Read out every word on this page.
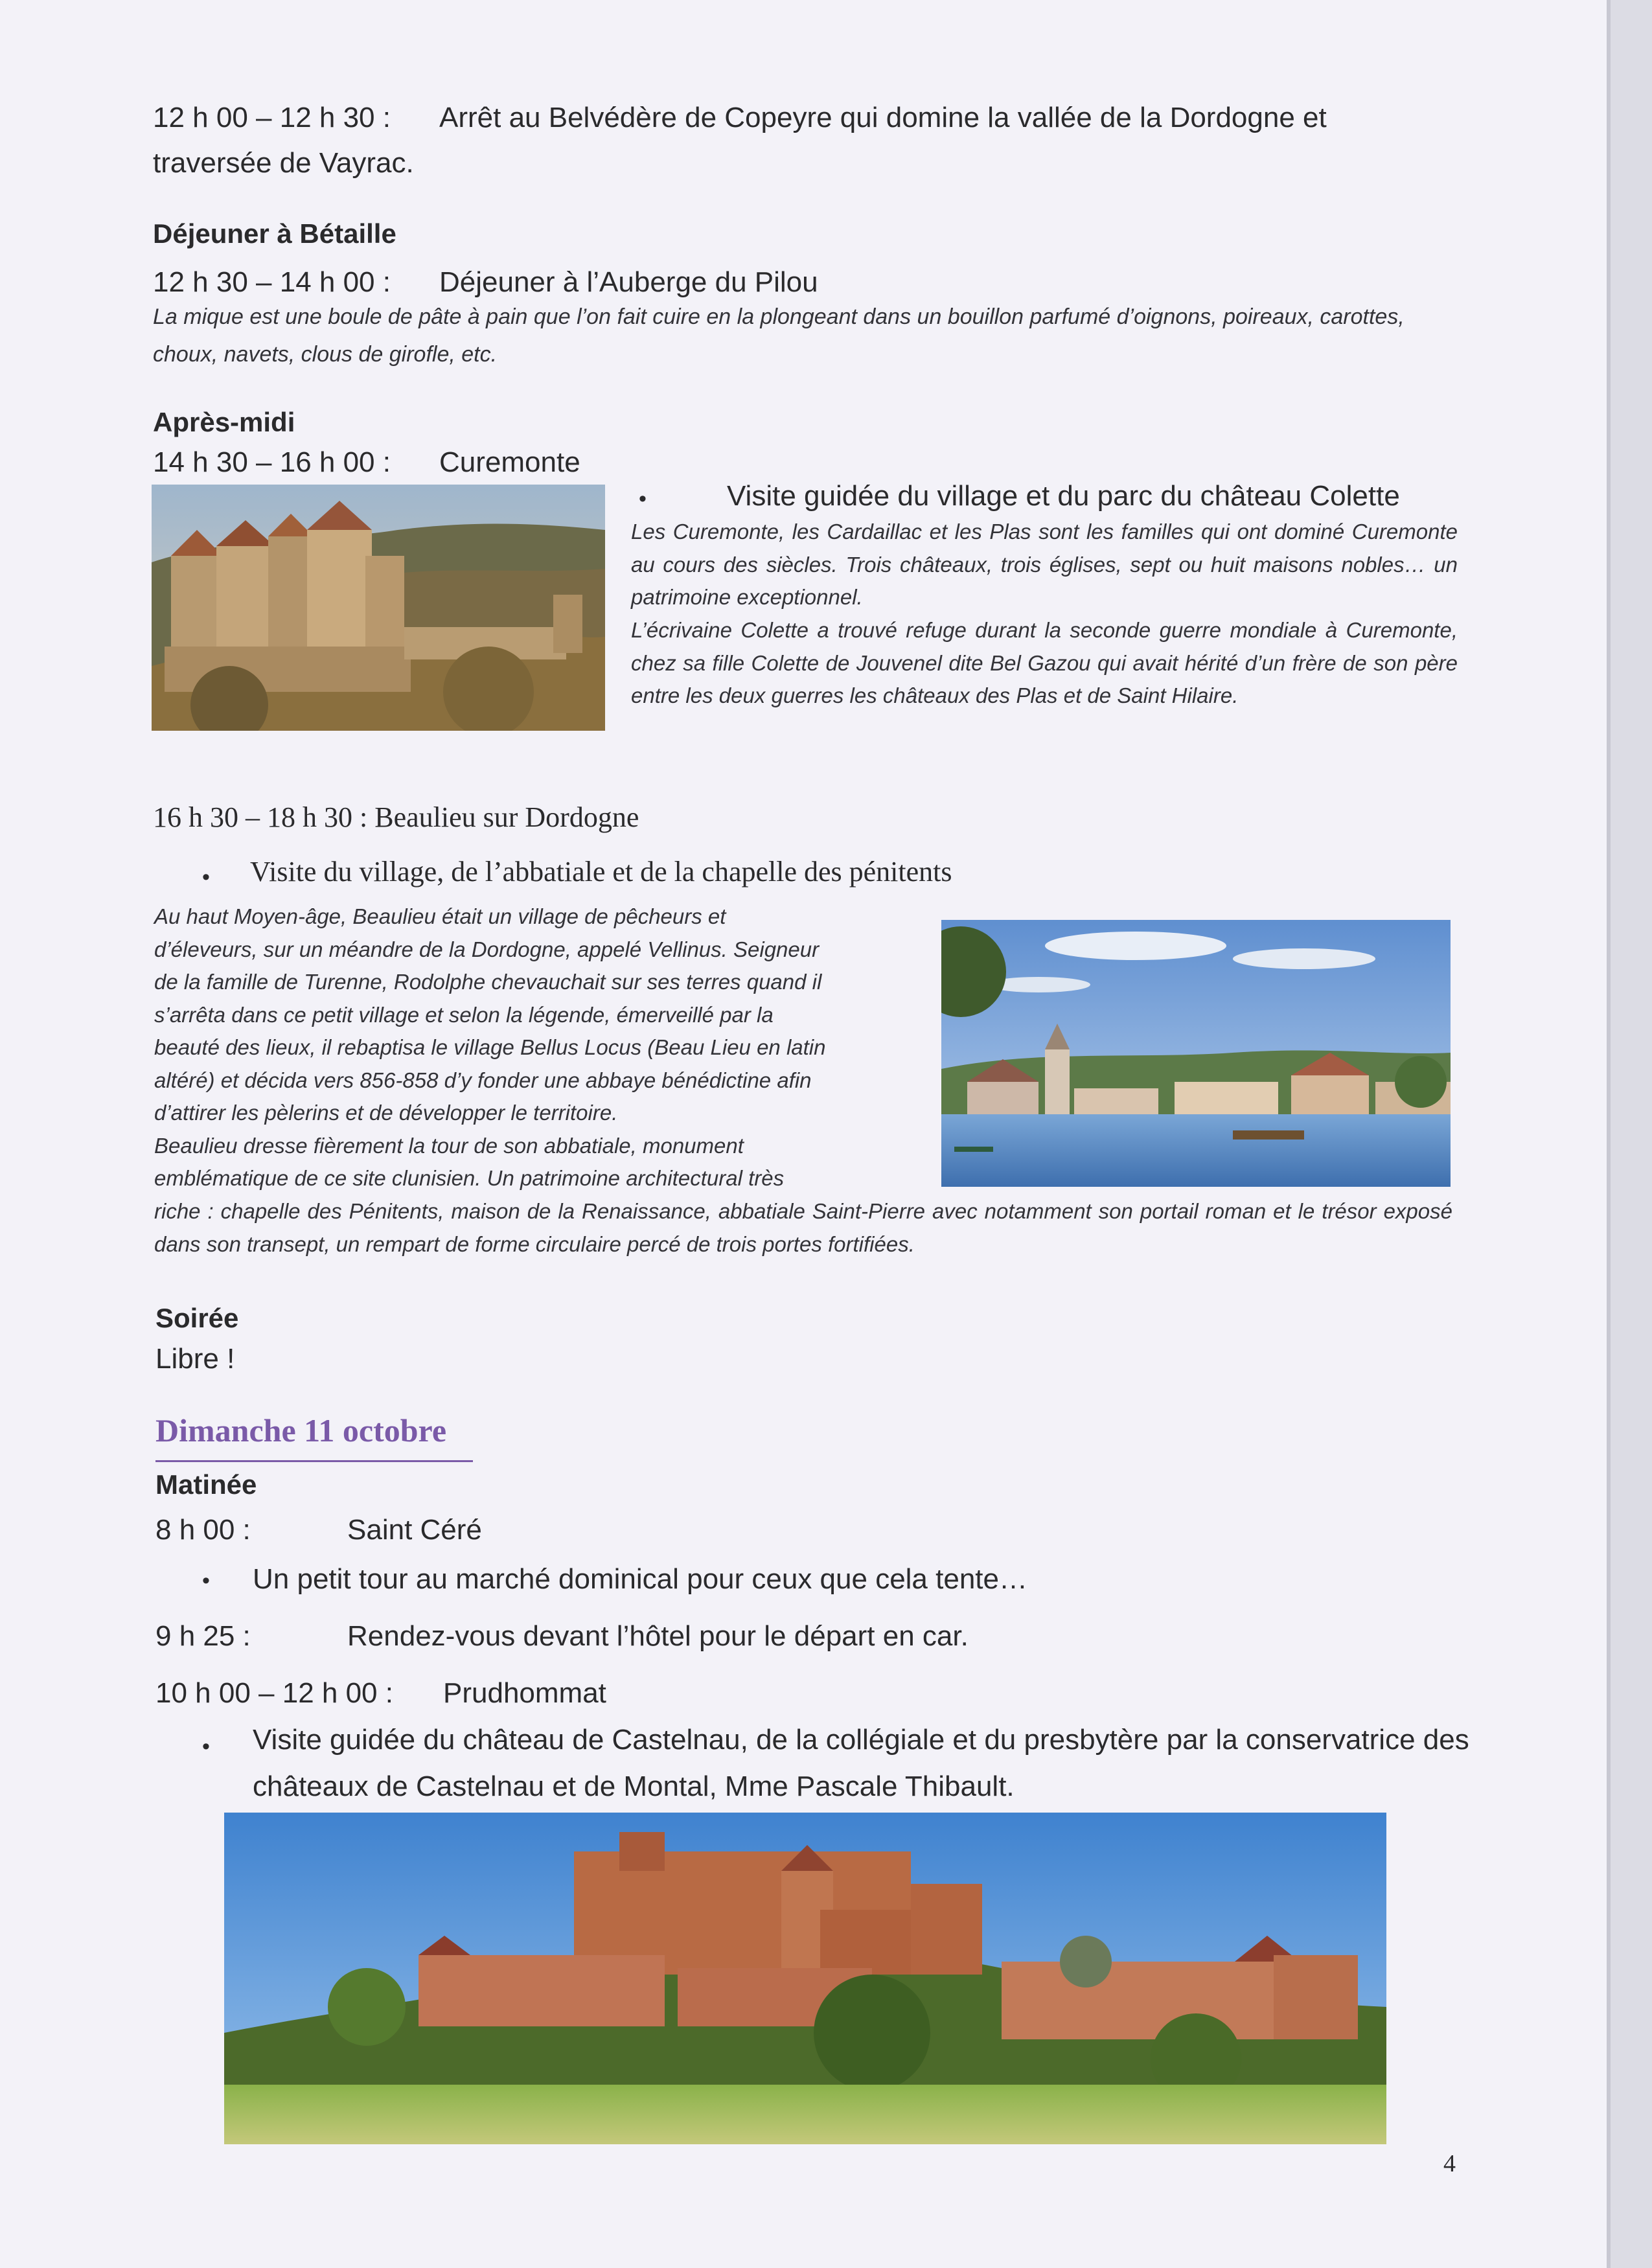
12 h 00 – 12 h 30 : Arrêt au Belvédère de Copeyre qui domine la vallée de la Dordogne et
traversée de Vayrac.
Déjeuner à Bétaille
12 h 30 – 14 h 00 : Déjeuner à l’Auberge du Pilou

La mique est une boule de pâte à pain que l’on fait cuire en la plongeant dans un bouillon parfumé d’oignons, poireaux, carottes, choux, navets, clous de girofle, etc.

Après-midi
14 h 30 – 16 h 00 : Curemonte
•	Visite guidée du village et du parc du château Colette

Les Curemonte, les Cardaillac et les Plas sont les familles qui ont dominé Curemonte au cours des siècles. Trois châteaux, trois églises, sept ou huit maisons nobles… un patrimoine exceptionnel.

L’écrivaine Colette a trouvé refuge durant la seconde guerre mondiale à Curemonte, chez sa fille Colette de Jouvenel dite Bel Gazou qui avait hérité d’un frère de son père entre les deux guerres les châteaux des Plas et de Saint Hilaire.

16 h 30 – 18 h 30 : Beaulieu sur Dordogne
• Visite du village, de l’abbatiale et de la chapelle des pénitents
Au haut Moyen-âge, Beaulieu était un village de pêcheurs et
d’éleveurs, sur un méandre de la Dordogne, appelé Vellinus. Seigneur
de la famille de Turenne, Rodolphe chevauchait sur ses terres quand il
s’arrêta dans ce petit village et selon la légende, émerveillé par la
beauté des lieux, il rebaptisa le village Bellus Locus (Beau Lieu en latin
altéré) et décida vers 856-858 d’y fonder une abbaye bénédictine afin
d’attirer les pèlerins et de développer le territoire.
Beaulieu dresse fièrement la tour de son abbatiale, monument
emblématique de ce site clunisien. Un patrimoine architectural très

riche : chapelle des Pénitents, maison de la Renaissance, abbatiale Saint-Pierre avec notamment son portail roman et le trésor exposé dans son transept, un rempart de forme circulaire percé de trois portes fortifiées.

Soirée
Libre !
Dimanche 11 octobre
Matinée
8 h 00 :	Saint Céré
• Un petit tour au marché dominical pour ceux que cela tente…
9 h 25 :	Rendez-vous devant l’hôtel pour le départ en car.
10 h 00 – 12 h 00 : Prudhommat
• Visite guidée du château de Castelnau, de la collégiale et du presbytère par la conservatrice des châteaux de Castelnau et de Montal, Mme Pascale Thibault.

4
